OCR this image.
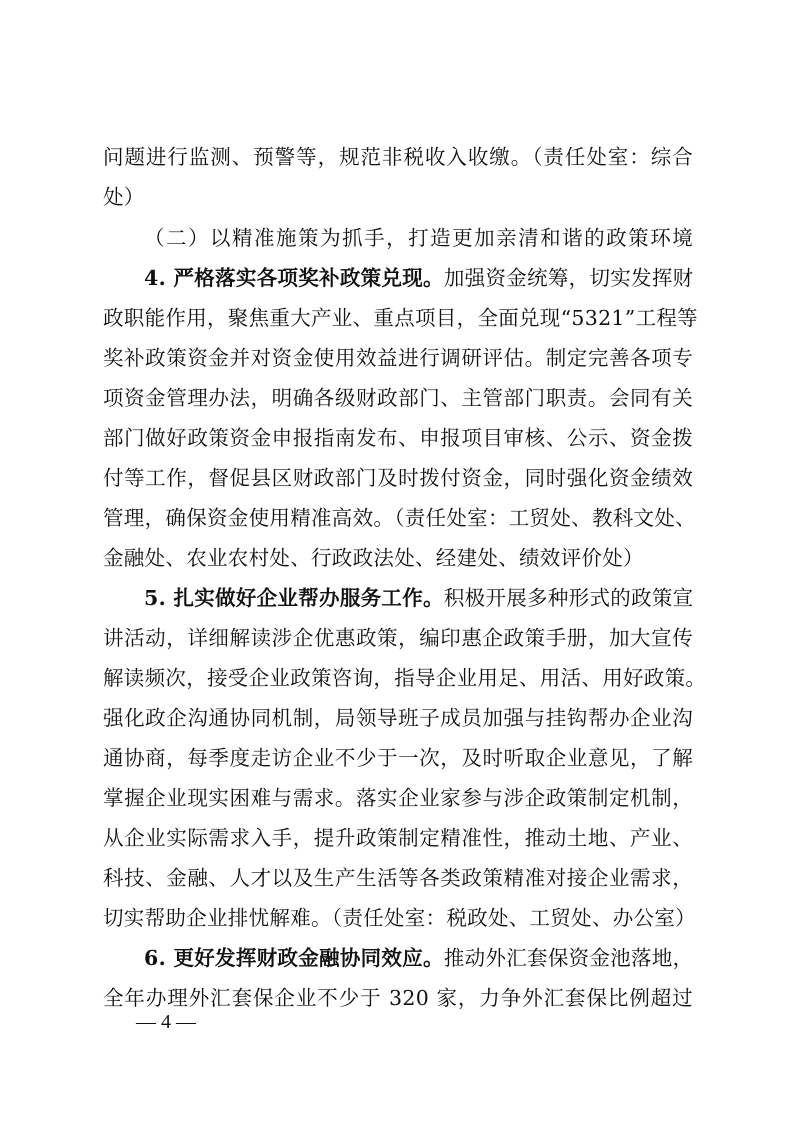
问题进行监测、预警等，规范非税收入收缴。（责任处室：综合
处）
（二）以精准施策为抓手，打造更加亲清和谐的政策环境
4. 严格落实各项奖补政策兑现。加强资金统筹，切实发挥财
政职能作用，聚焦重大产业、重点项目，全面兑现“5321”工程等
奖补政策资金并对资金使用效益进行调研评估。制定完善各项专
项资金管理办法，明确各级财政部门、主管部门职责。会同有关
部门做好政策资金申报指南发布、申报项目审核、公示、资金拨
付等工作，督促县区财政部门及时拨付资金，同时强化资金绩效
管理，确保资金使用精准高效。（责任处室：工贸处、教科文处、
金融处、农业农村处、行政政法处、经建处、绩效评价处）
5. 扎实做好企业帮办服务工作。积极开展多种形式的政策宣
讲活动，详细解读涉企优惠政策，编印惠企政策手册，加大宣传
解读频次，接受企业政策咨询，指导企业用足、用活、用好政策。
强化政企沟通协同机制，局领导班子成员加强与挂钩帮办企业沟
通协商，每季度走访企业不少于一次，及时听取企业意见，了解
掌握企业现实困难与需求。落实企业家参与涉企政策制定机制，
从企业实际需求入手，提升政策制定精准性，推动土地、产业、
科技、金融、人才以及生产生活等各类政策精准对接企业需求，
切实帮助企业排忧解难。（责任处室：税政处、工贸处、办公室）
6. 更好发挥财政金融协同效应。推动外汇套保资金池落地，
全年办理外汇套保企业不少于 320 家，力争外汇套保比例超过
— 4 —
